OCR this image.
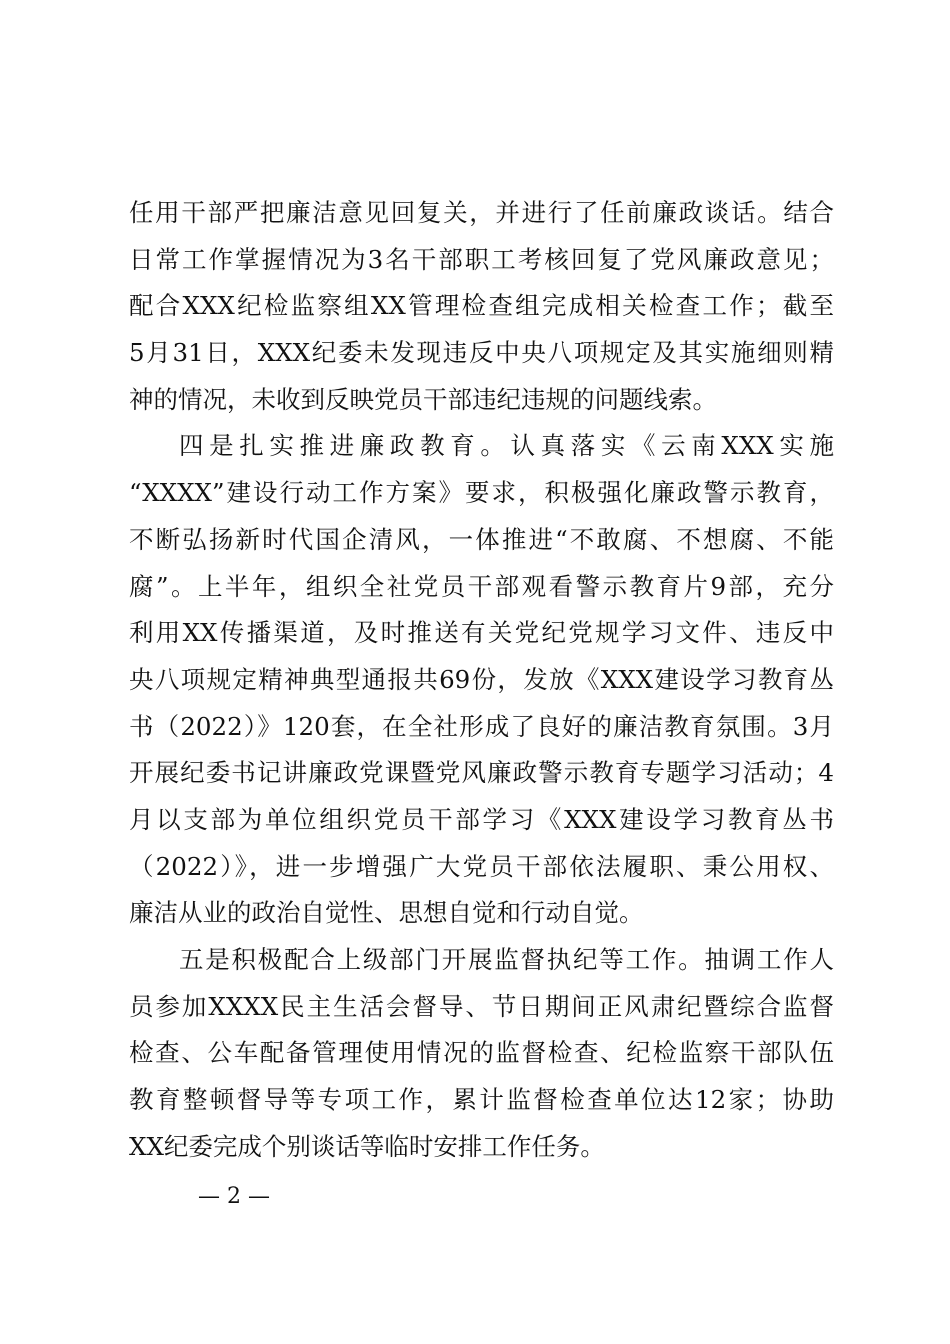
任用干部严把廉洁意见回复关，并进行了任前廉政谈话。结合
日常工作掌握情况为3名干部职工考核回复了党风廉政意见；
配合XXX纪检监察组XX管理检查组完成相关检查工作；截至
5月31日，XXX纪委未发现违反中央八项规定及其实施细则精
神的情况，未收到反映党员干部违纪违规的问题线索。
四是扎实推进廉政教育。认真落实《云南XXX实施
“XXXX”建设行动工作方案》要求，积极强化廉政警示教育，
不断弘扬新时代国企清风，一体推进“不敢腐、不想腐、不能
腐”。上半年，组织全社党员干部观看警示教育片9部，充分
利用XX传播渠道，及时推送有关党纪党规学习文件、违反中
央八项规定精神典型通报共69份，发放《XXX建设学习教育丛
书（2022）》120套，在全社形成了良好的廉洁教育氛围。3月
开展纪委书记讲廉政党课暨党风廉政警示教育专题学习活动；4
月以支部为单位组织党员干部学习《XXX建设学习教育丛书
（2022）》，进一步增强广大党员干部依法履职、秉公用权、
廉洁从业的政治自觉性、思想自觉和行动自觉。
五是积极配合上级部门开展监督执纪等工作。抽调工作人
员参加XXXX民主生活会督导、节日期间正风肃纪暨综合监督
检查、公车配备管理使用情况的监督检查、纪检监察干部队伍
教育整顿督导等专项工作，累计监督检查单位达12家；协助
XX纪委完成个别谈话等临时安排工作任务。
— 2 —
